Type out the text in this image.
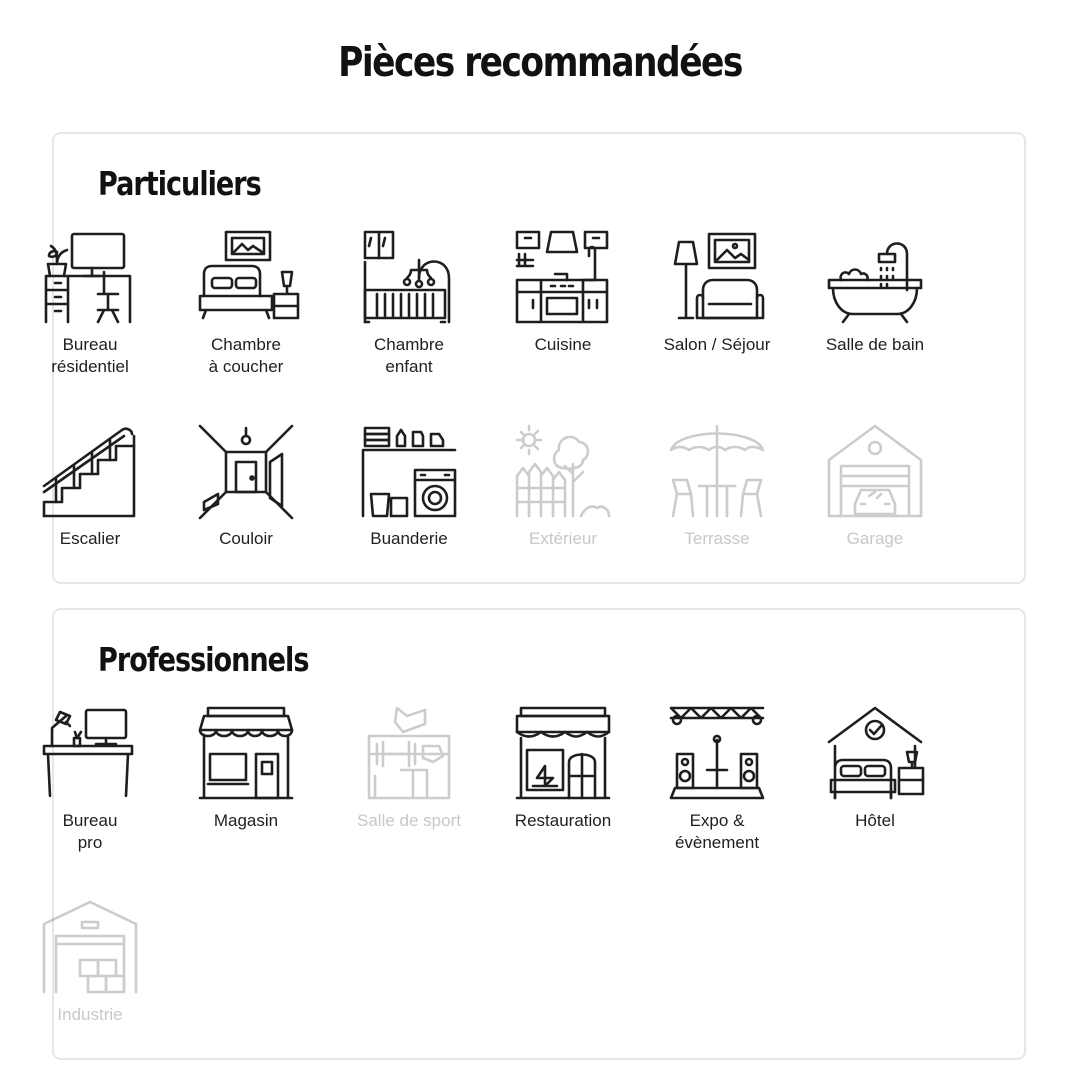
Pièces recommandées
Particuliers
Bureau
résidentiel
Chambre
à coucher
Chambre
enfant
Cuisine	Salon / Séjour	Salle de bain
Escalier	Couloir	Buanderie	Extérieur	Terrasse	Garage
Professionnels
Bureau
pro
Magasin	Salle de sport	Restauration	Expo &
évènement
Hôtel
Industrie
